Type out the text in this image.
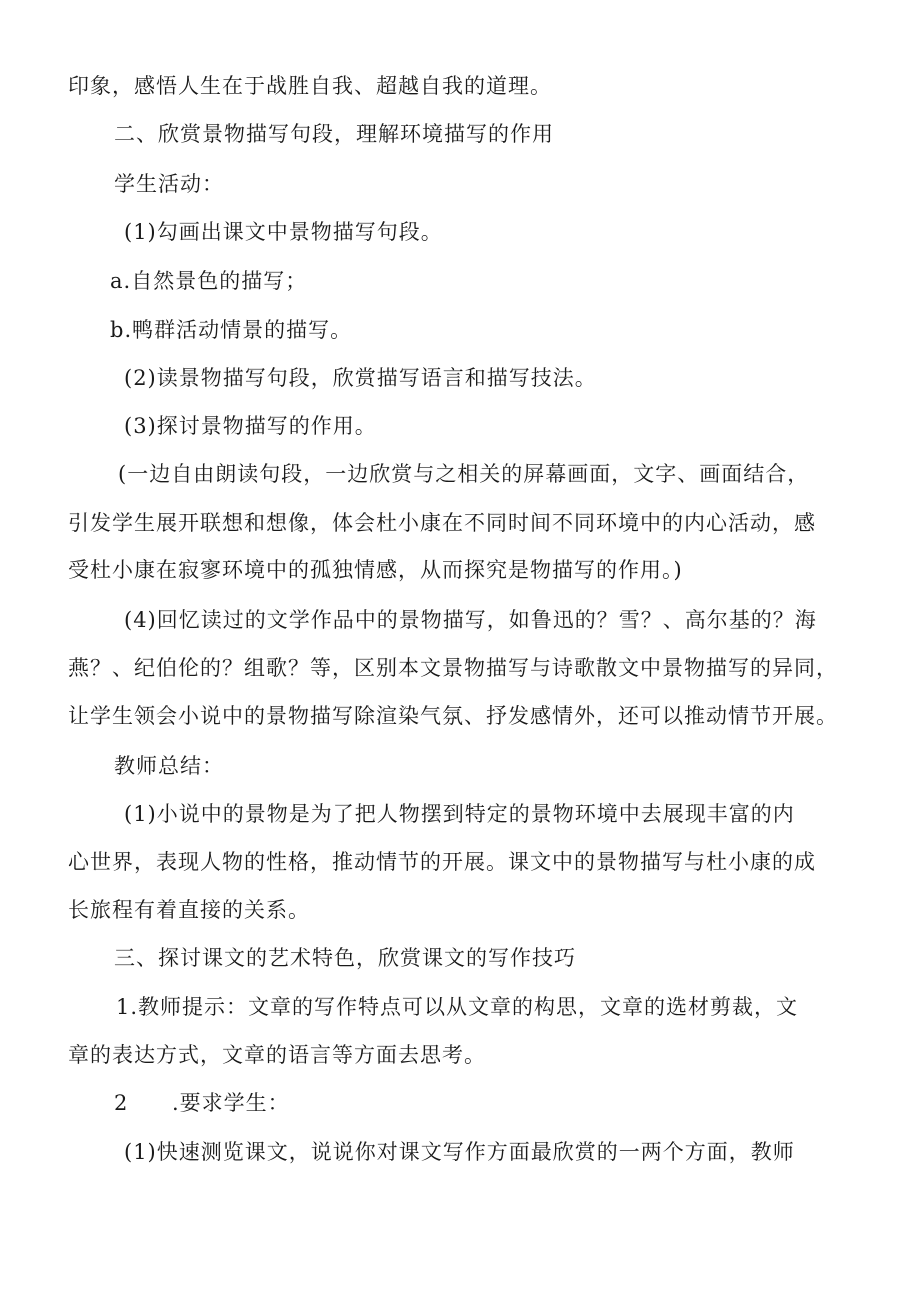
印象，感悟人生在于战胜自我、超越自我的道理。
二、欣赏景物描写句段，理解环境描写的作用
学生活动：
(1)勾画出课文中景物描写句段。
a.自然景色的描写；
b.鸭群活动情景的描写。
(2)读景物描写句段，欣赏描写语言和描写技法。
(3)探讨景物描写的作用。
(一边自由朗读句段，一边欣赏与之相关的屏幕画面，文字、画面结合，
引发学生展开联想和想像，体会杜小康在不同时间不同环境中的内心活动，感
受杜小康在寂寥环境中的孤独情感，从而探究是物描写的作用。)
(4)回忆读过的文学作品中的景物描写，如鲁迅的？雪？、高尔基的？海
燕？、纪伯伦的？组歌？等，区别本文景物描写与诗歌散文中景物描写的异同，
让学生领会小说中的景物描写除渲染气氛、抒发感情外，还可以推动情节开展。
教师总结：
(1)小说中的景物是为了把人物摆到特定的景物环境中去展现丰富的内
心世界，表现人物的性格，推动情节的开展。课文中的景物描写与杜小康的成
长旅程有着直接的关系。
三、探讨课文的艺术特色，欣赏课文的写作技巧
1.教师提示：文章的写作特点可以从文章的构思，文章的选材剪裁，文
章的表达方式，文章的语言等方面去思考。
2 .要求学生：
(1)快速测览课文，说说你对课文写作方面最欣赏的一两个方面，教师
